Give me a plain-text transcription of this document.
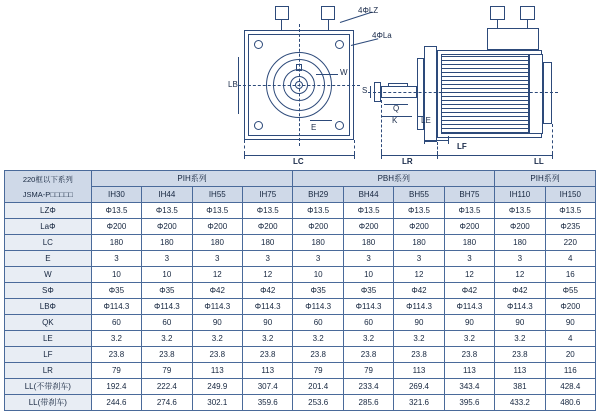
4ΦLZ
4ΦLa
W
E
LC
LB
S
Q
K	LE
LF
LR	LL
220框以下系列
JSMA-P□□□□□	PIH系列				PBH系列				PIH系列	
	IH30	IH44	IH55	IH75	BH29	BH44	BH55	BH75	IH110	IH150
LZΦ	Φ13.5	Φ13.5	Φ13.5	Φ13.5	Φ13.5	Φ13.5	Φ13.5	Φ13.5	Φ13.5	Φ13.5
LaΦ	Φ200	Φ200	Φ200	Φ200	Φ200	Φ200	Φ200	Φ200	Φ200	Φ235
LC	180	180	180	180	180	180	180	180	180	220
E	3	3	3	3	3	3	3	3	3	4
W	10	10	12	12	10	10	12	12	12	16
SΦ	Φ35	Φ35	Φ42	Φ42	Φ35	Φ35	Φ42	Φ42	Φ42	Φ55
LBΦ	Φ114.3	Φ114.3	Φ114.3	Φ114.3	Φ114.3	Φ114.3	Φ114.3	Φ114.3	Φ114.3	Φ200
QK	60	60	90	90	60	60	90	90	90	90
LE	3.2	3.2	3.2	3.2	3.2	3.2	3.2	3.2	3.2	4
LF	23.8	23.8	23.8	23.8	23.8	23.8	23.8	23.8	23.8	20
LR	79	79	113	113	79	79	113	113	113	116
LL(不带刹车)	192.4	222.4	249.9	307.4	201.4	233.4	269.4	343.4	381	428.4
LL(带刹车)	244.6	274.6	302.1	359.6	253.6	285.6	321.6	395.6	433.2	480.6
